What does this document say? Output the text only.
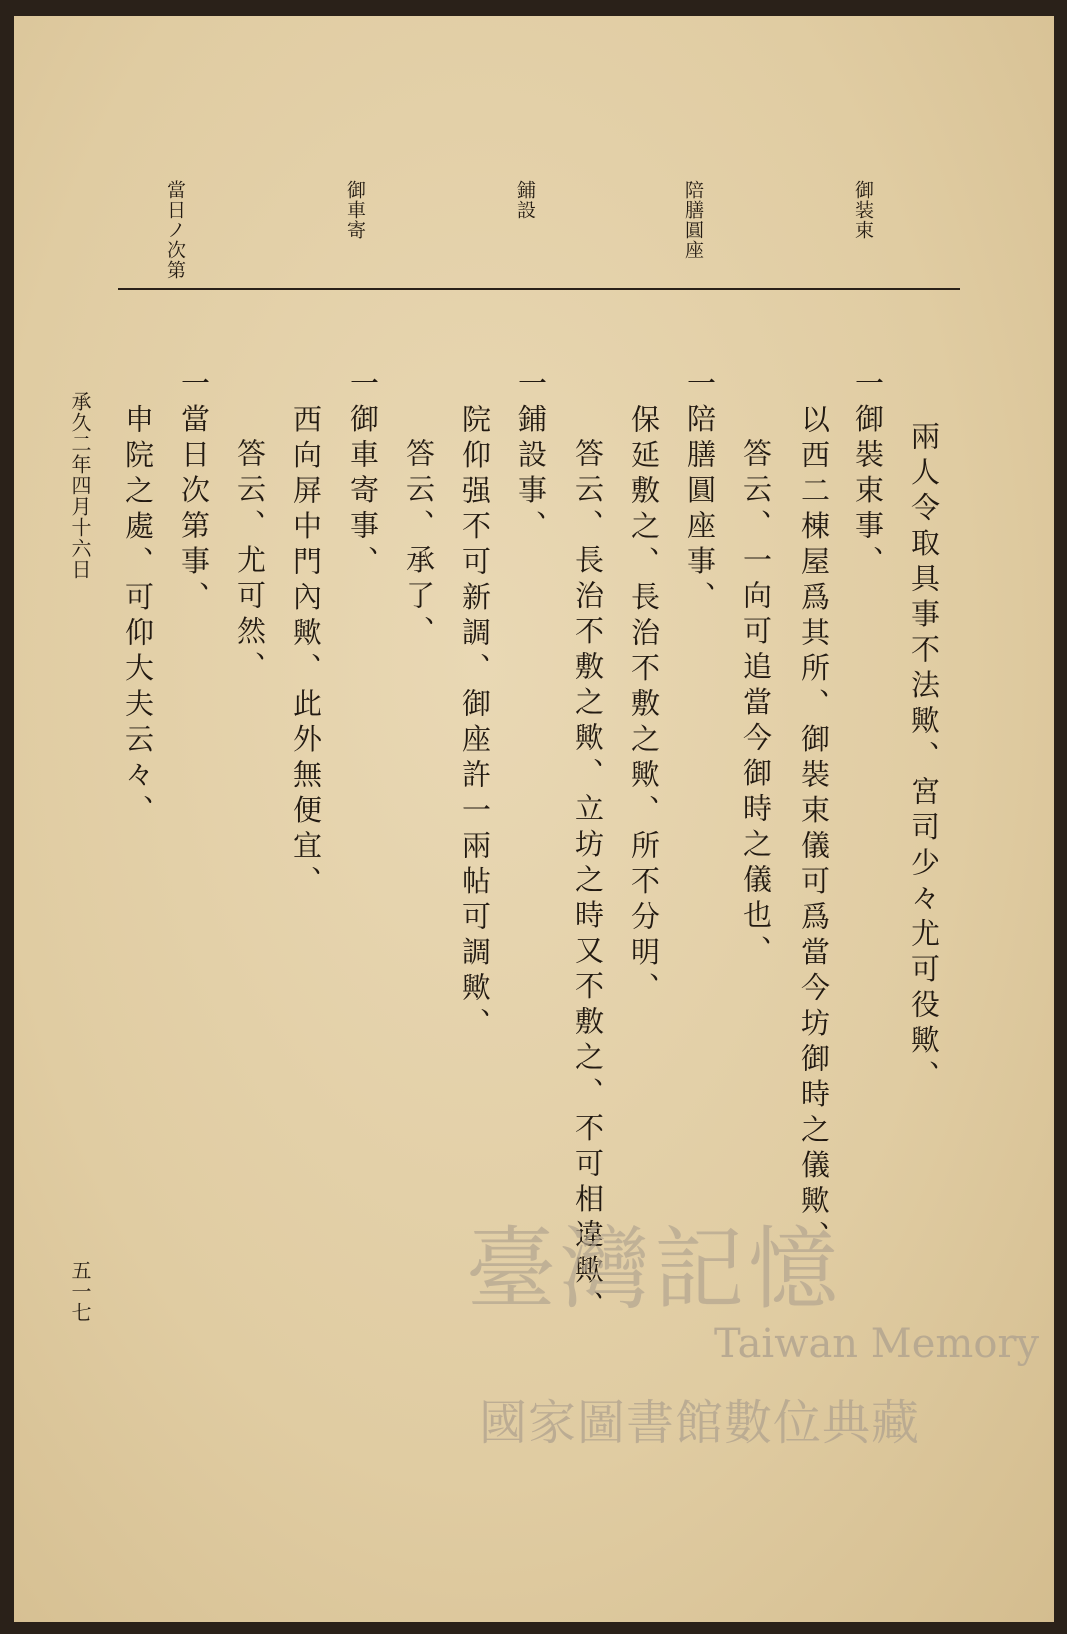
御装束
陪膳圓座
鋪設
御車寄
當日ノ次第
兩人令取具事不法歟、宮司少々尤可役歟、
一御裝束事、
以西二棟屋爲其所、御裝束儀可爲當今坊御時之儀歟、
答云、一向可追當今御時之儀也、
一陪膳圓座事、
保延敷之、長治不敷之歟、所不分明、
答云、長治不敷之歟、立坊之時又不敷之、不可相違歟、
一鋪設事、
院仰强不可新調、御座許一兩帖可調歟、
答云、承了、
一御車寄事、
西向屏中門內歟、此外無便宜、
答云、尤可然、
一當日次第事、
申院之處、可仰大夫云々、
承久二年四月十六日
五一七	臺灣記憶
Taiwan Memory
國家圖書館數位典藏
